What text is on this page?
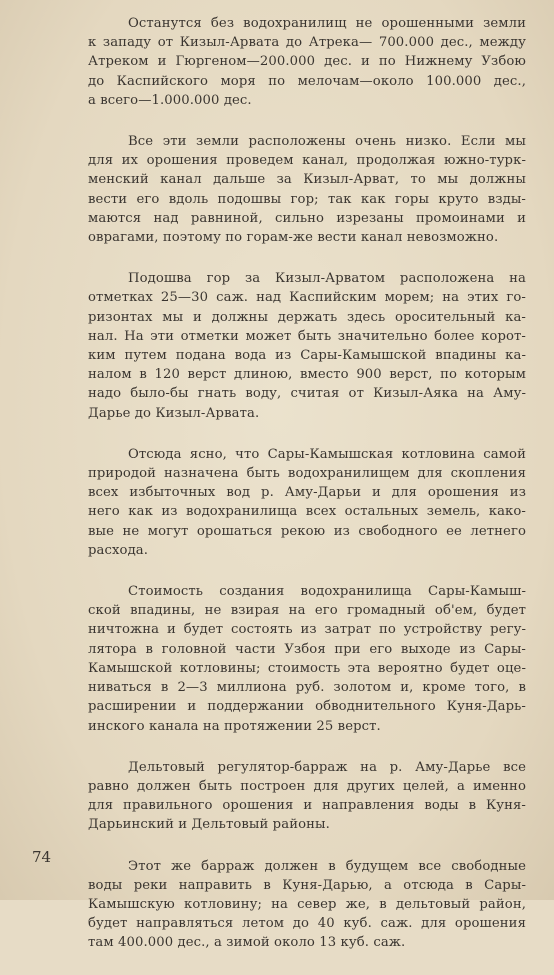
Останутся без водохранилищ не орошенными земли
к западу от Кизыл-Арвата до Атрека— 700.000 дес., между
Атреком и Гюргеном—200.000 дес. и по Нижнему Узбою
до Каспийского моря по мелочам—около 100.000 дес.,
а всего—1.000.000 дес.

Все эти земли расположены очень низко. Если мы
для их орошения проведем канал, продолжая южно-турк-
менский канал дальше за Кизыл-Арват, то мы должны
вести его вдоль подошвы гор; так как горы круто взды-
маются над равниной, сильно изрезаны промоинами и
оврагами, поэтому по горам-же вести канал невозможно.

Подошва гор за Кизыл-Арватом расположена на
отметках 25—30 саж. над Каспийским морем; на этих го-
ризонтах мы и должны держать здесь оросительный ка-
нал. На эти отметки может быть значительно более корот-
ким путем подана вода из Сары-Камышской впадины ка-
налом в 120 верст длиною, вместо 900 верст, по которым
надо было-бы гнать воду, считая от Кизыл-Аяка на Аму-
Дарье до Кизыл-Арвата.

Отсюда ясно, что Сары-Камышская котловина самой
природой назначена быть водохранилищем для скопления
всех избыточных вод р. Аму-Дарьи и для орошения из
него как из водохранилища всех остальных земель, како-
вые не могут орошаться рекою из свободного ее летнего
расхода.

Стоимость создания водохранилища Сары-Камыш-
ской впадины, не взирая на его громадный об'ем, будет
ничтожна и будет состоять из затрат по устройству регу-
лятора в головной части Узбоя при его выходе из Сары-
Камышской котловины; стоимость эта вероятно будет оце-
ниваться в 2—3 миллиона руб. золотом и, кроме того, в
расширении и поддержании обводнительного Куня-Дарь-
инского канала на протяжении 25 верст.

Дельтовый регулятор-барраж на р. Аму-Дарье все
равно должен быть построен для других целей, а именно
для правильного орошения и направления воды в Куня-
Дарьинский и Дельтовый районы.

Этот же барраж должен в будущем все свободные
воды реки направить в Куня-Дарью, а отсюда в Сары-
Камышскую котловину; на север же, в дельтовый район,
будет направляться летом до 40 куб. саж. для орошения
там 400.000 дес., а зимой около 13 куб. саж.

74
